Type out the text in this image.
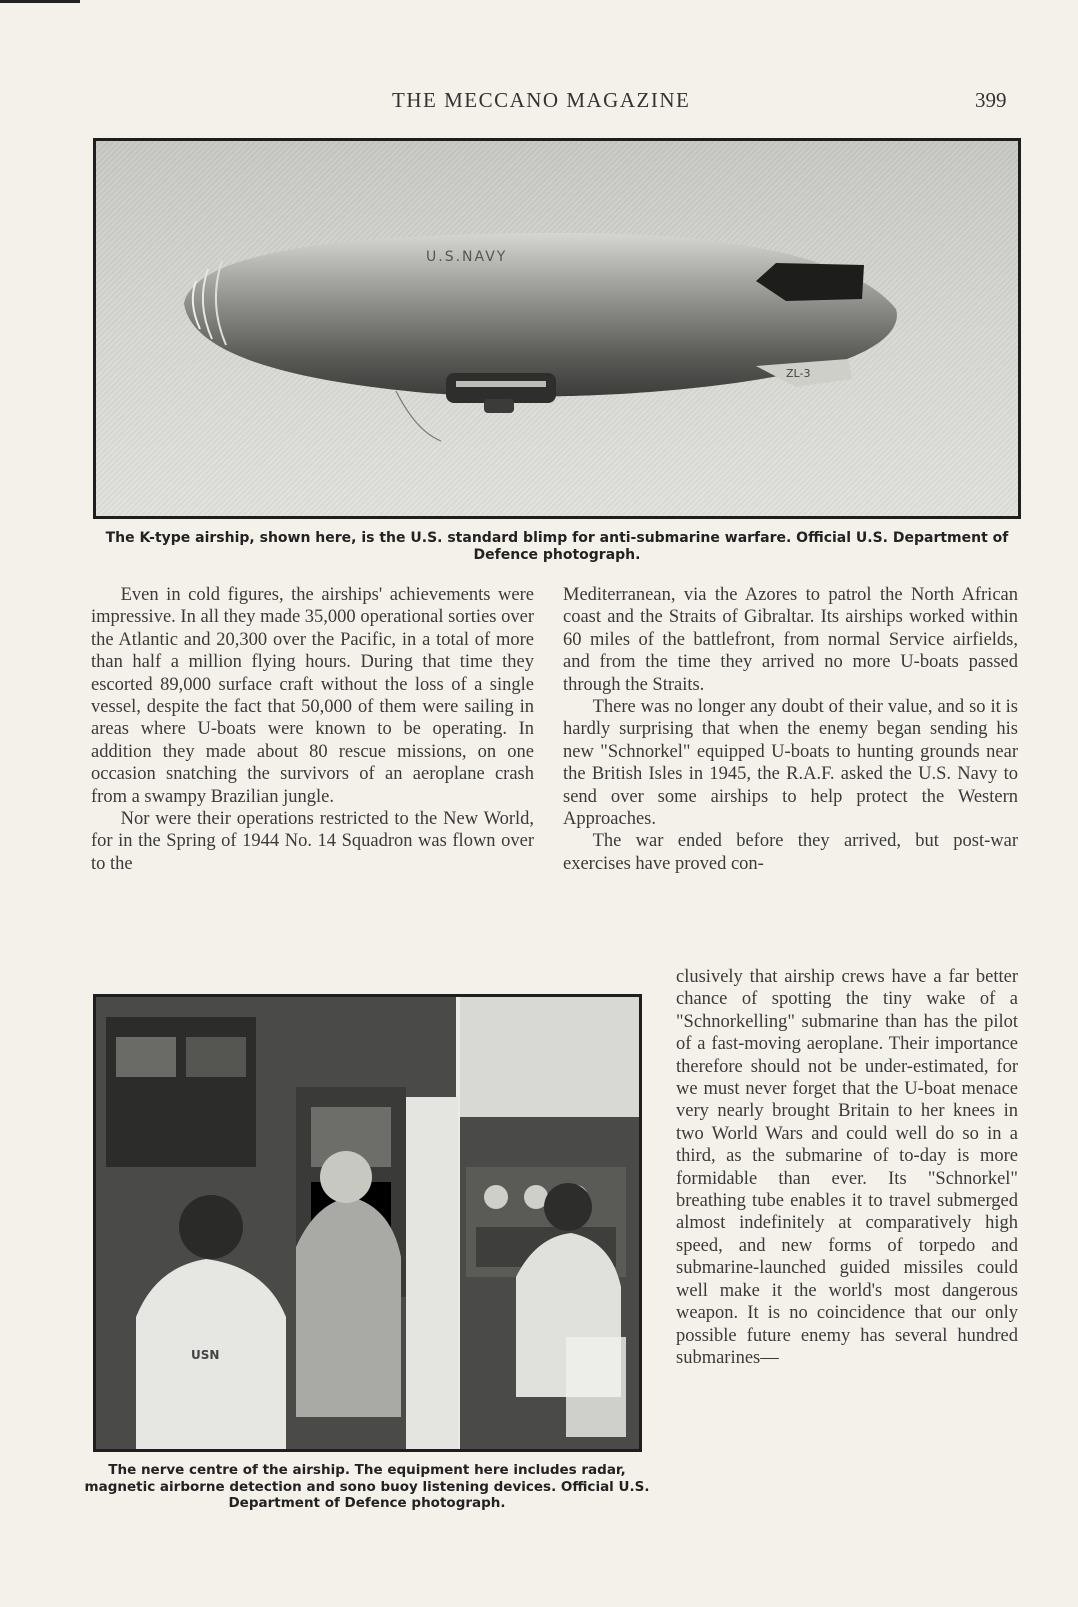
THE MECCANO MAGAZINE	399
U.S.NAVY
ZL-3
The K-type airship, shown here, is the U.S. standard blimp for anti-submarine warfare. Official U.S. Department of Defence photograph.

Even in cold figures, the airships' achievements were impressive. In all they made 35,000 operational sorties over the Atlantic and 20,300 over the Pacific, in a total of more than half a million flying hours. During that time they escorted 89,000 surface craft without the loss of a single vessel, despite the fact that 50,000 of them were sailing in areas where U-boats were known to be operating. In addition they made about 80 rescue missions, on one occasion snatching the survivors of an aeroplane crash from a swampy Brazilian jungle.

Nor were their operations restricted to the New World, for in the Spring of 1944 No. 14 Squadron was flown over to the

Mediterranean, via the Azores to patrol the North African coast and the Straits of Gibraltar. Its airships worked within 60 miles of the battlefront, from normal Service airfields, and from the time they arrived no more U-boats passed through the Straits.

There was no longer any doubt of their value, and so it is hardly surprising that when the enemy began sending his new "Schnorkel" equipped U-boats to hunting grounds near the British Isles in 1945, the R.A.F. asked the U.S. Navy to send over some airships to help protect the Western Approaches.

The war ended before they arrived, but post-war exercises have proved con-

clusively that airship crews have a far better chance of spotting the tiny wake of a "Schnorkelling" submarine than has the pilot of a fast-moving aeroplane. Their importance therefore should not be under-estimated, for we must never forget that the U-boat menace very nearly brought Britain to her knees in two World Wars and could well do so in a third, as the submarine of to-day is more formidable than ever. Its "Schnorkel" breathing tube enables it to travel submerged almost indefinitely at comparatively high speed, and new forms of torpedo and submarine-launched guided missiles could well make it the world's most dangerous weapon. It is no coincidence that our only possible future enemy has several hundred submarines—

USN
The nerve centre of the airship. The equipment here includes radar, magnetic airborne detection and sono buoy listening devices. Official U.S. Department of Defence photograph.
